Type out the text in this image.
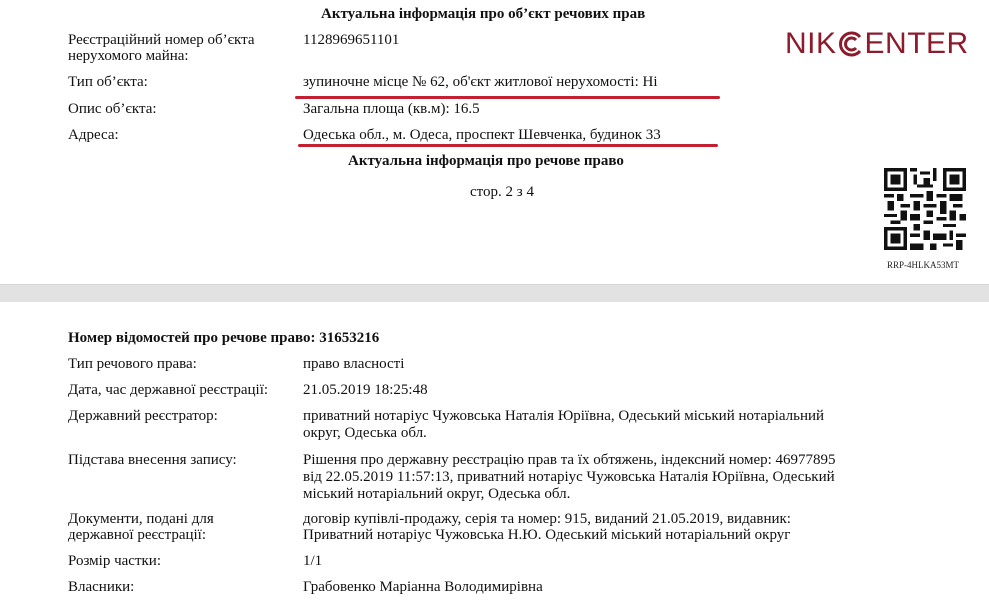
Актуальна інформація про об’єкт речових прав
Реєстраційний номер об’єкта
нерухомого майна:
1128969651101
Тип об’єкта:	зупиночне місце № 62, об'єкт житлової нерухомості: Ні
Опис об’єкта:	Загальна площа (кв.м): 16.5
Адреса:	Одеська обл., м. Одеса, проспект Шевченка, будинок 33
Актуальна інформація про речове право
стор. 2 з 4
NIK ENTER
RRP-4HLKA53MT
Номер відомостей про речове право: 31653216
Тип речового права:	право власності
Дата, час державної реєстрації: 21.05.2019 18:25:48
Державний реєстратор:	приватний нотаріус Чужовська Наталія Юріївна, Одеський міський нотаріальний
округ, Одеська обл.
Підстава внесення запису:	Рішення про державну реєстрацію прав та їх обтяжень, індексний номер: 46977895
від 22.05.2019 11:57:13, приватний нотаріус Чужовська Наталія Юріївна, Одеський
міський нотаріальний округ, Одеська обл.
Документи, подані для
державної реєстрації:
договір купівлі-продажу, серія та номер: 915, виданий 21.05.2019, видавник:
Приватний нотаріус Чужовська Н.Ю. Одеський міський нотаріальний округ
Розмір частки:	1/1
Власники:	Грабовенко Маріанна Володимирівна
